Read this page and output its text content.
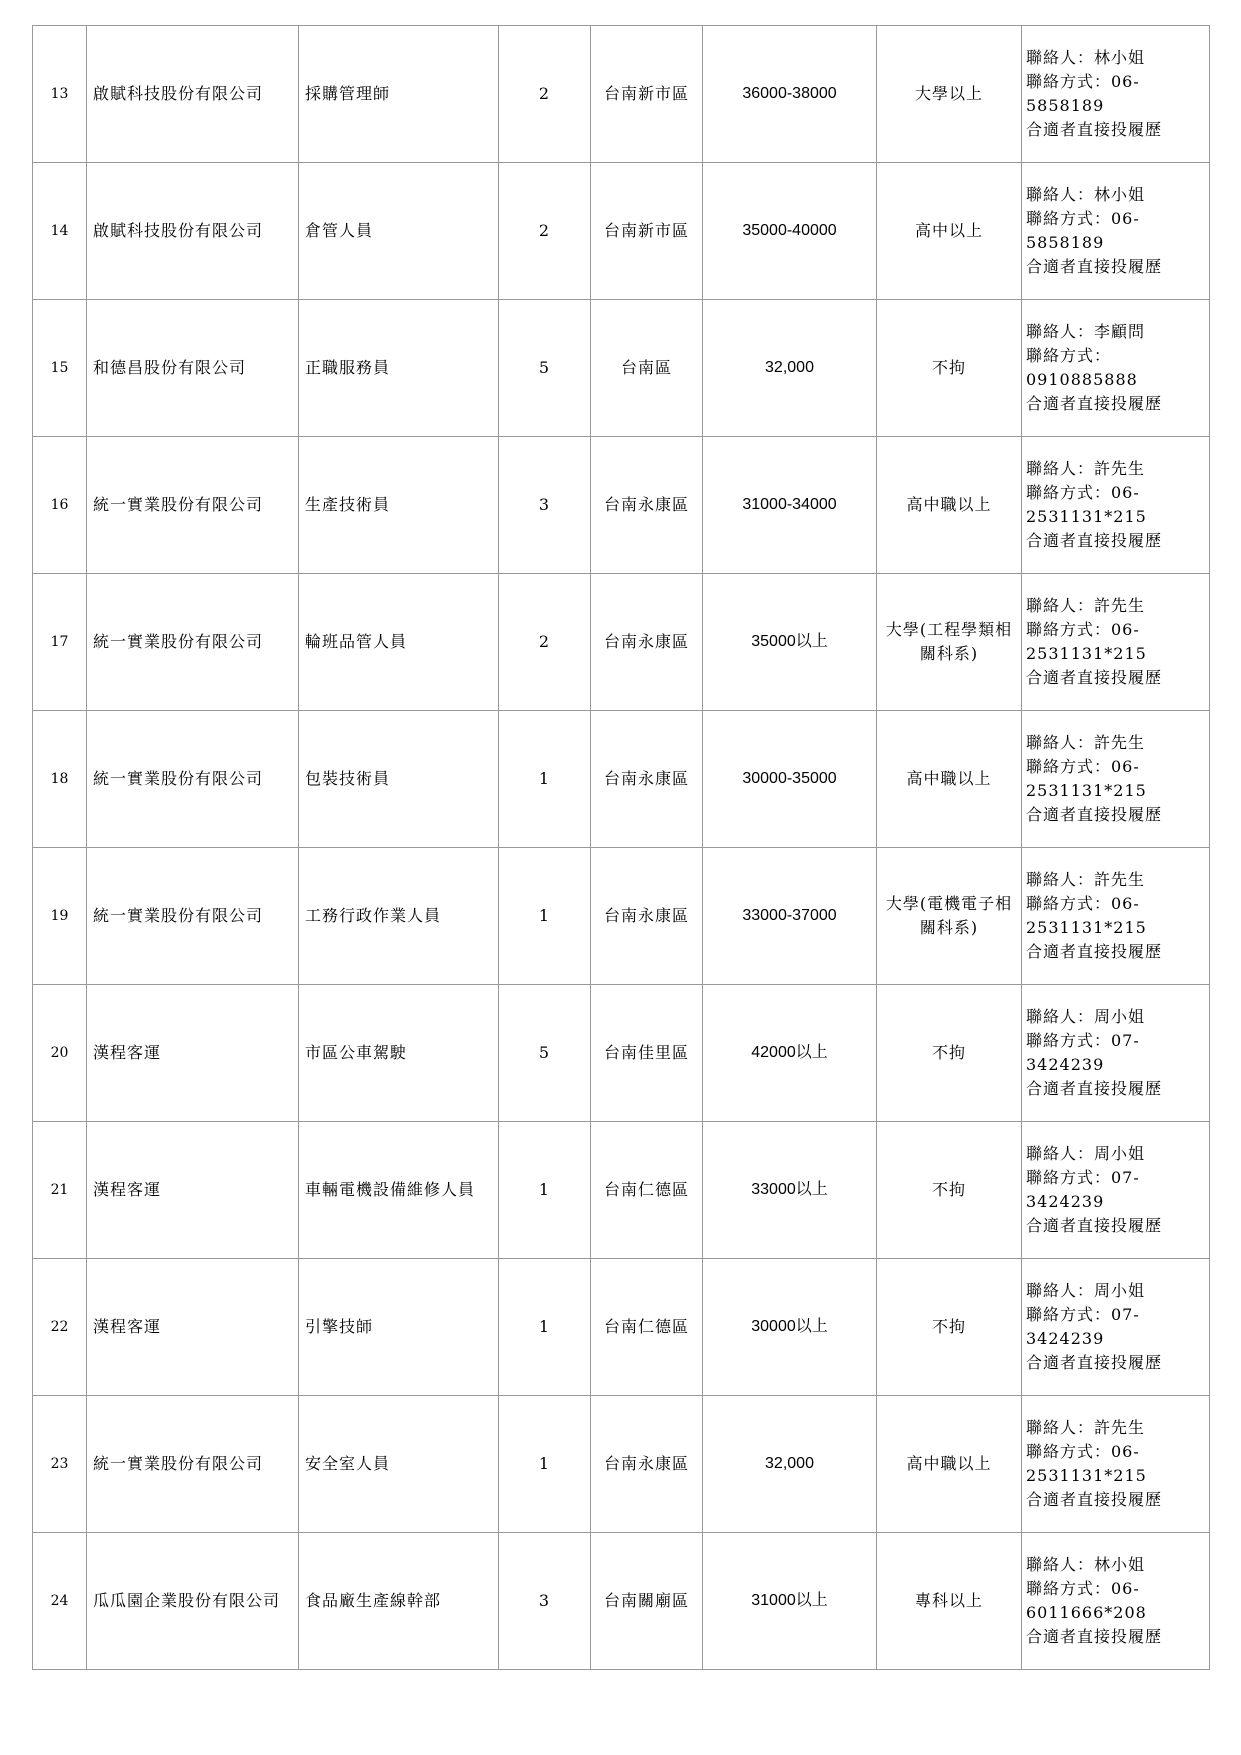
13	啟賦科技股份有限公司	採購管理師	2	台南新市區	36000-38000	大學以上	聯絡人：林小姐
聯絡方式：06-
5858189
合適者直接投履歷

14	啟賦科技股份有限公司	倉管人員	2	台南新市區	35000-40000	高中以上	聯絡人：林小姐
聯絡方式：06-
5858189
合適者直接投履歷

15	和德昌股份有限公司	正職服務員	5	台南區	32,000	不拘	聯絡人：李顧問
聯絡方式：
0910885888
合適者直接投履歷

16	統一實業股份有限公司	生產技術員	3	台南永康區	31000-34000	高中職以上	聯絡人：許先生
聯絡方式：06-
2531131*215
合適者直接投履歷

17	統一實業股份有限公司	輪班品管人員	2	台南永康區	35000以上	大學(工程學類相關科系)	聯絡人：許先生
聯絡方式：06-
2531131*215
合適者直接投履歷

18	統一實業股份有限公司	包裝技術員	1	台南永康區	30000-35000	高中職以上	聯絡人：許先生
聯絡方式：06-
2531131*215
合適者直接投履歷

19	統一實業股份有限公司	工務行政作業人員	1	台南永康區	33000-37000	大學(電機電子相關科系)	聯絡人：許先生
聯絡方式：06-
2531131*215
合適者直接投履歷

20	漢程客運	市區公車駕駛	5	台南佳里區	42000以上	不拘	聯絡人：周小姐
聯絡方式：07-
3424239
合適者直接投履歷

21	漢程客運	車輛電機設備維修人員	1	台南仁德區	33000以上	不拘	聯絡人：周小姐
聯絡方式：07-
3424239
合適者直接投履歷

22	漢程客運	引擎技師	1	台南仁德區	30000以上	不拘	聯絡人：周小姐
聯絡方式：07-
3424239
合適者直接投履歷

23	統一實業股份有限公司	安全室人員	1	台南永康區	32,000	高中職以上	聯絡人：許先生
聯絡方式：06-
2531131*215
合適者直接投履歷

24	瓜瓜園企業股份有限公司	食品廠生產線幹部	3	台南關廟區	31000以上	專科以上	聯絡人：林小姐
聯絡方式：06-
6011666*208
合適者直接投履歷
